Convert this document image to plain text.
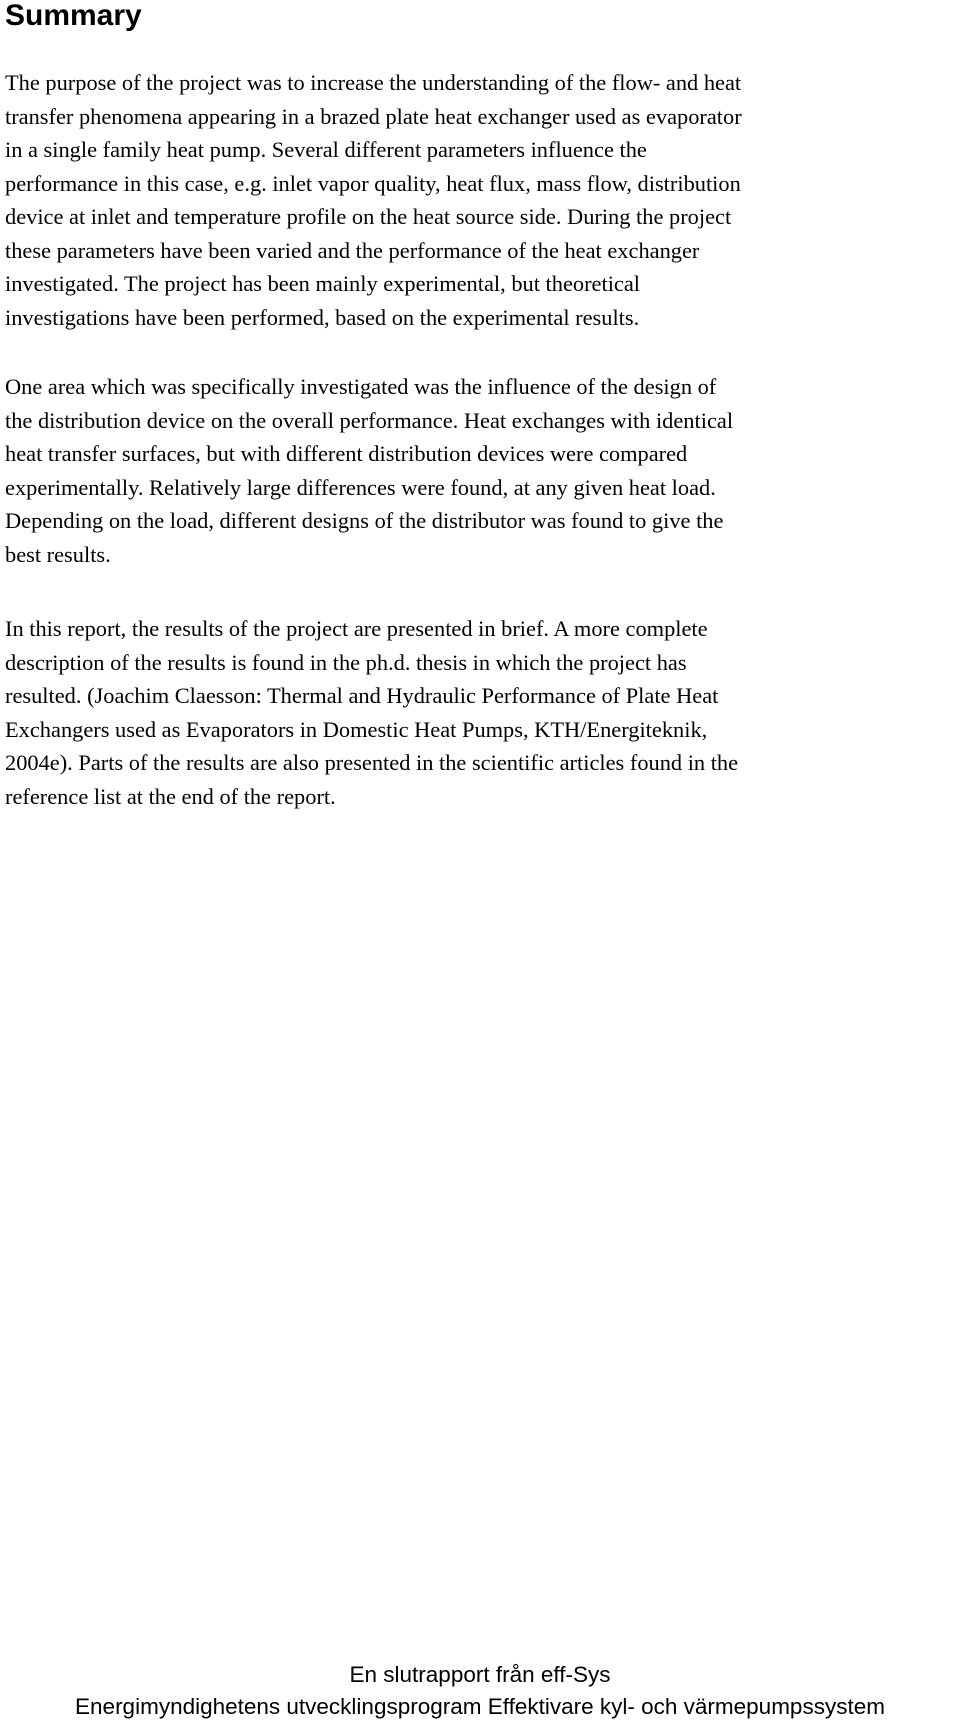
Summary

The purpose of the project was to increase the understanding of the flow- and heat
transfer phenomena appearing in a brazed plate heat exchanger used as evaporator
in a single family heat pump. Several different parameters influence the
performance in this case, e.g. inlet vapor quality, heat flux, mass flow, distribution
device at inlet and temperature profile on the heat source side. During the project
these parameters have been varied and the performance of the heat exchanger
investigated. The project has been mainly experimental, but theoretical
investigations have been performed, based on the experimental results.

One area which was specifically investigated was the influence of the design of
the distribution device on the overall performance. Heat exchanges with identical
heat transfer surfaces, but with different distribution devices were compared
experimentally. Relatively large differences were found, at any given heat load.
Depending on the load, different designs of the distributor was found to give the
best results.

In this report, the results of the project are presented in brief. A more complete
description of the results is found in the ph.d. thesis in which the project has
resulted. (Joachim Claesson: Thermal and Hydraulic Performance of Plate Heat
Exchangers used as Evaporators in Domestic Heat Pumps, KTH/Energiteknik,
2004e). Parts of the results are also presented in the scientific articles found in the
reference list at the end of the report.

En slutrapport från eff-Sys
Energimyndighetens utvecklingsprogram Effektivare kyl- och värmepumpssystem
